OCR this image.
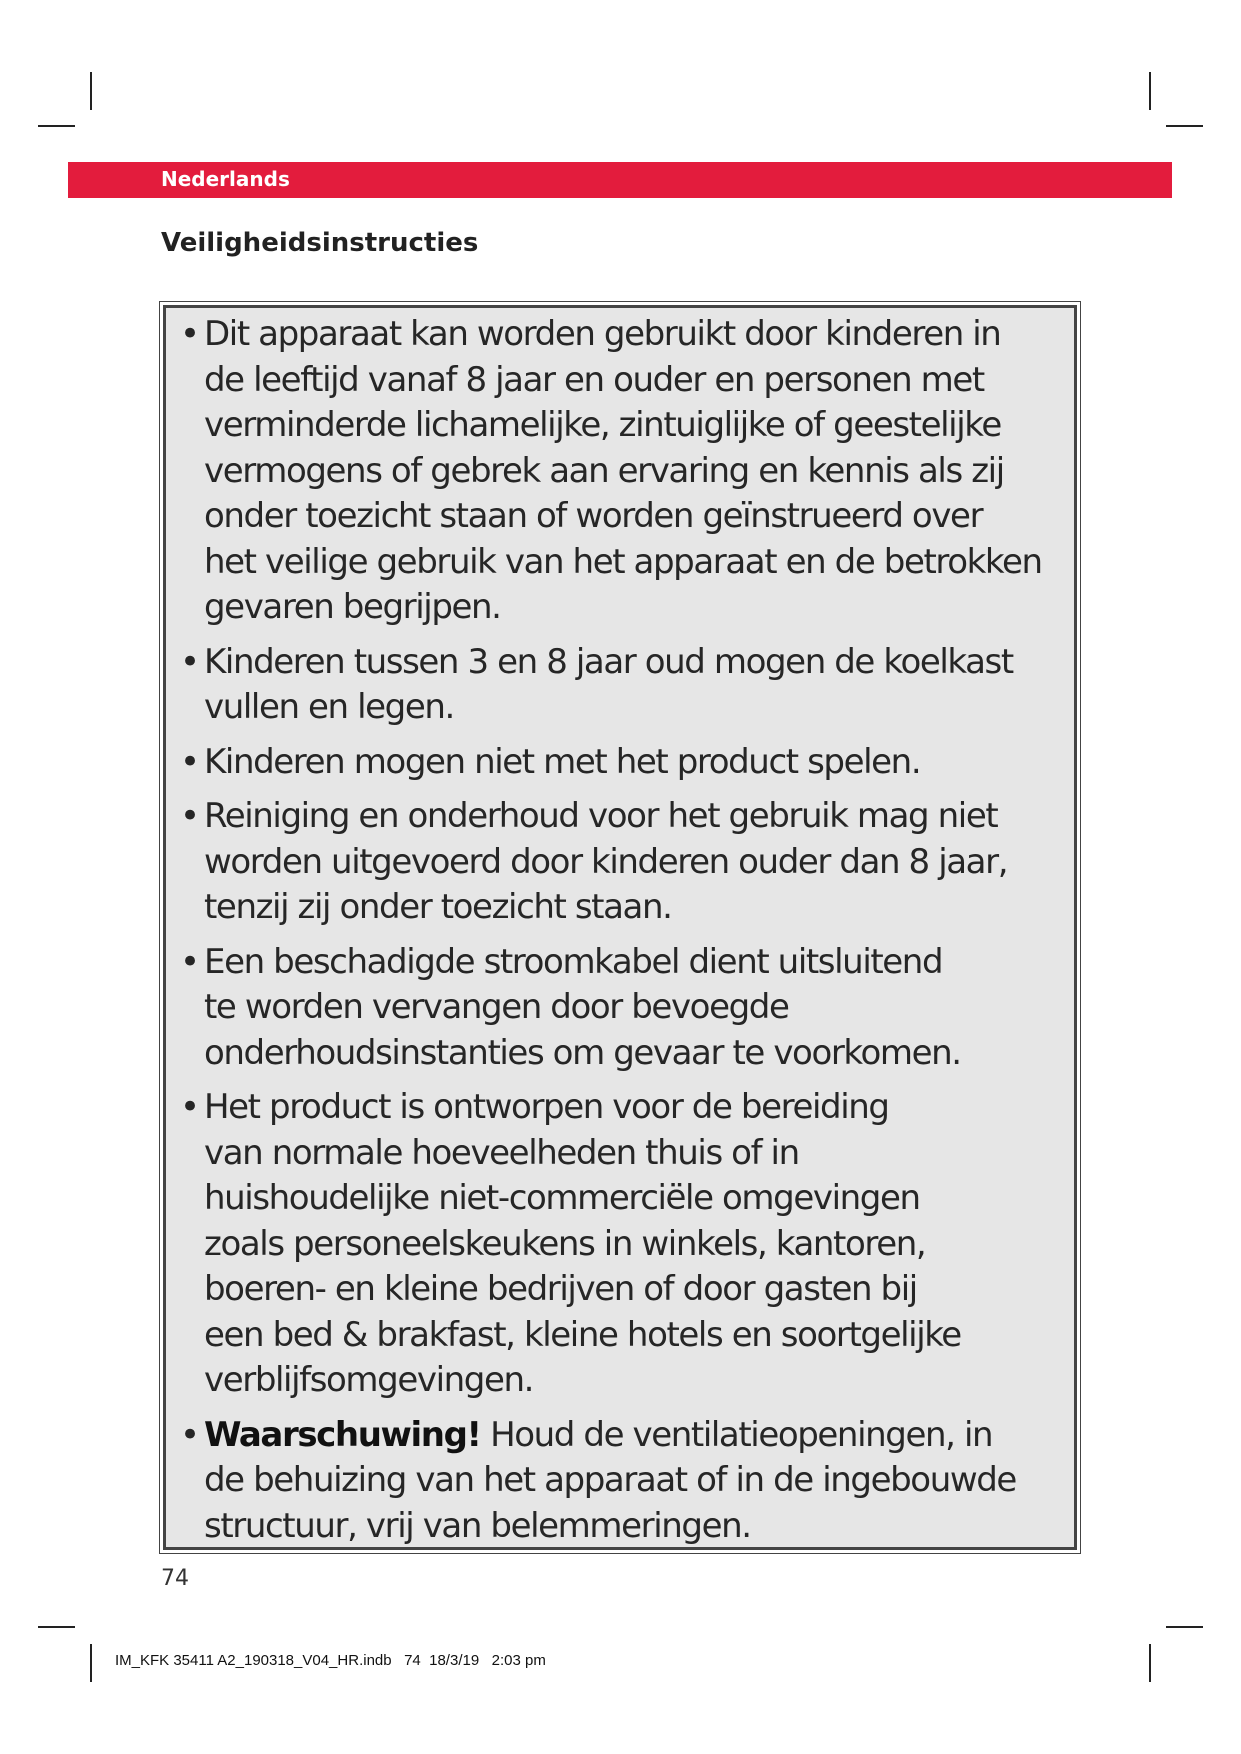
Nederlands
Veiligheidsinstructies
• Dit apparaat kan worden gebruikt door kinderen in
de leeftijd vanaf 8 jaar en ouder en personen met
verminderde lichamelijke, zintuiglijke of geestelijke
vermogens of gebrek aan ervaring en kennis als zij
onder toezicht staan of worden geïnstrueerd over
het veilige gebruik van het apparaat en de betrokken
gevaren begrijpen.
• Kinderen tussen 3 en 8 jaar oud mogen de koelkast
vullen en legen.
• Kinderen mogen niet met het product spelen.
• Reiniging en onderhoud voor het gebruik mag niet
worden uitgevoerd door kinderen ouder dan 8 jaar,
tenzij zij onder toezicht staan.
• Een beschadigde stroomkabel dient uitsluitend
te worden vervangen door bevoegde
onderhoudsinstanties om gevaar te voorkomen.
• Het product is ontworpen voor de bereiding
van normale hoeveelheden thuis of in
huishoudelijke niet-commerciële omgevingen
zoals personeelskeukens in winkels, kantoren,
boeren- en kleine bedrijven of door gasten bij
een bed & brakfast, kleine hotels en soortgelijke
verblijfsomgevingen.
• Waarschuwing! Houd de ventilatieopeningen, in
de behuizing van het apparaat of in de ingebouwde
structuur, vrij van belemmeringen.
74
IM_KFK 35411 A2_190318_V04_HR.indb   74 18/3/19   2:03 pm
